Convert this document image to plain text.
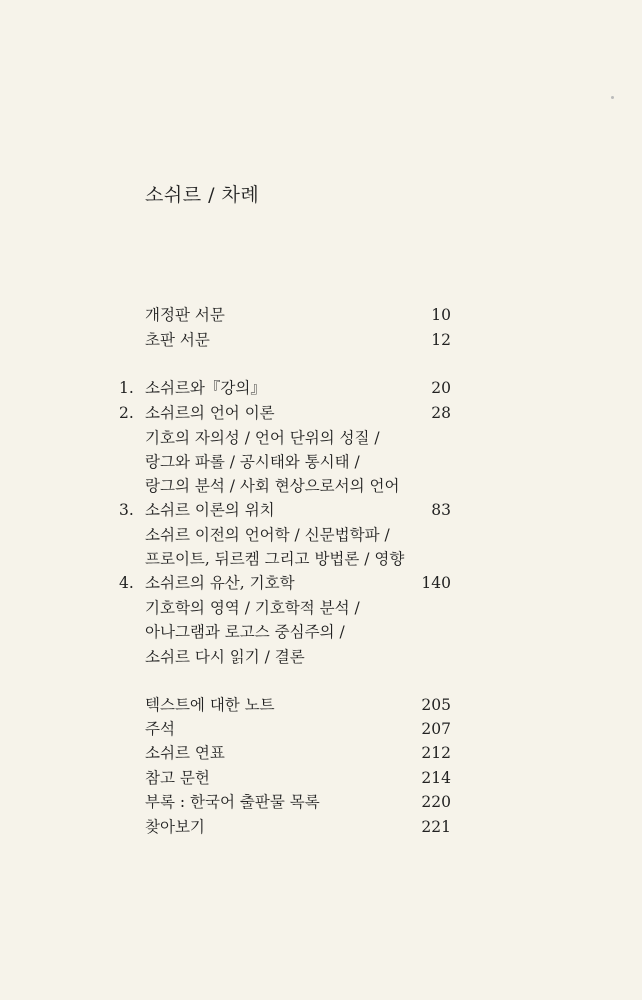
소쉬르 / 차례
개정판 서문	10
초판 서문	12
1. 소쉬르와『강의』	20
2. 소쉬르의 언어 이론	28
기호의 자의성 / 언어 단위의 성질 /
랑그와 파롤 / 공시태와 통시태 /
랑그의 분석 / 사회 현상으로서의 언어
3. 소쉬르 이론의 위치	83
소쉬르 이전의 언어학 / 신문법학파 /
프로이트, 뒤르켐 그리고 방법론 / 영향
4. 소쉬르의 유산, 기호학	140
기호학의 영역 / 기호학적 분석 /
아나그램과 로고스 중심주의 /
소쉬르 다시 읽기 / 결론
텍스트에 대한 노트	205
주석	207
소쉬르 연표	212
참고 문헌	214
부록 : 한국어 출판물 목록	220
찾아보기	221
